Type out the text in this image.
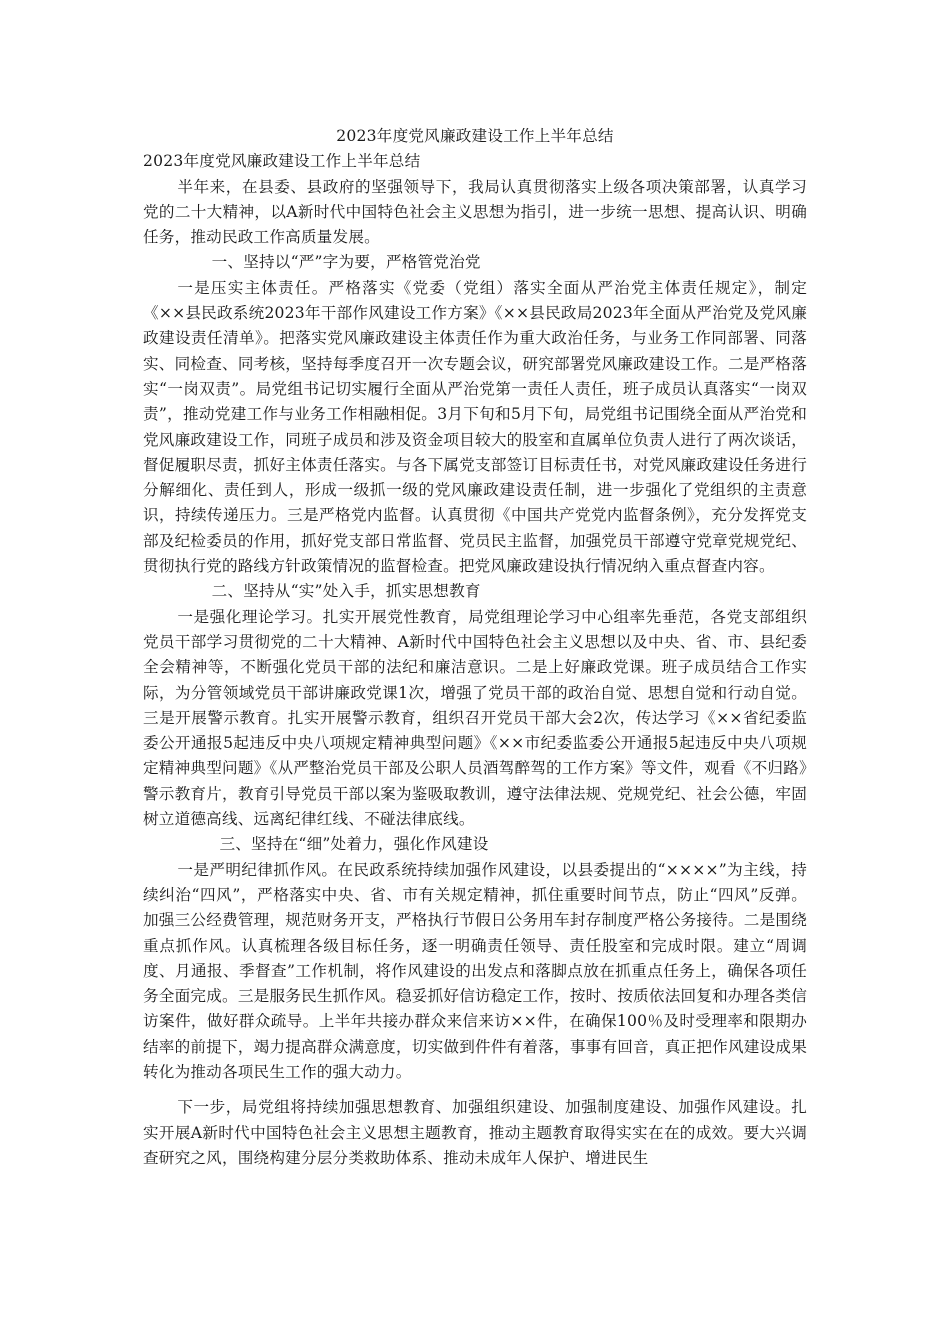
2023年度党风廉政建设工作上半年总结

2023年度党风廉政建设工作上半年总结

半年来，在县委、县政府的坚强领导下，我局认真贯彻落实上级各项决策部署，认真学习党的二十大精神，以A新时代中国特色社会主义思想为指引，进一步统一思想、提高认识、明确任务，推动民政工作高质量发展。

一、坚持以“严”字为要，严格管党治党

一是压实主体责任。严格落实《党委（党组）落实全面从严治党主体责任规定》，制定《××县民政系统2023年干部作风建设工作方案》《××县民政局2023年全面从严治党及党风廉政建设责任清单》。把落实党风廉政建设主体责任作为重大政治任务，与业务工作同部署、同落实、同检查、同考核，坚持每季度召开一次专题会议，研究部署党风廉政建设工作。二是严格落实“一岗双责”。局党组书记切实履行全面从严治党第一责任人责任，班子成员认真落实“一岗双责”，推动党建工作与业务工作相融相促。3月下旬和5月下旬，局党组书记围绕全面从严治党和党风廉政建设工作，同班子成员和涉及资金项目较大的股室和直属单位负责人进行了两次谈话，督促履职尽责，抓好主体责任落实。与各下属党支部签订目标责任书，对党风廉政建设任务进行分解细化、责任到人，形成一级抓一级的党风廉政建设责任制，进一步强化了党组织的主责意识，持续传递压力。三是严格党内监督。认真贯彻《中国共产党党内监督条例》，充分发挥党支部及纪检委员的作用，抓好党支部日常监督、党员民主监督，加强党员干部遵守党章党规党纪、贯彻执行党的路线方针政策情况的监督检查。把党风廉政建设执行情况纳入重点督查内容。

二、坚持从“实”处入手，抓实思想教育

一是强化理论学习。扎实开展党性教育，局党组理论学习中心组率先垂范，各党支部组织党员干部学习贯彻党的二十大精神、A新时代中国特色社会主义思想以及中央、省、市、县纪委全会精神等，不断强化党员干部的法纪和廉洁意识。二是上好廉政党课。班子成员结合工作实际，为分管领域党员干部讲廉政党课1次，增强了党员干部的政治自觉、思想自觉和行动自觉。三是开展警示教育。扎实开展警示教育，组织召开党员干部大会2次，传达学习《××省纪委监委公开通报5起违反中央八项规定精神典型问题》《××市纪委监委公开通报5起违反中央八项规定精神典型问题》《从严整治党员干部及公职人员酒驾醉驾的工作方案》等文件，观看《不归路》警示教育片，教育引导党员干部以案为鉴吸取教训，遵守法律法规、党规党纪、社会公德，牢固树立道德高线、远离纪律红线、不碰法律底线。

三、坚持在“细”处着力，强化作风建设

一是严明纪律抓作风。在民政系统持续加强作风建设，以县委提出的“××××”为主线，持续纠治“四风”，严格落实中央、省、市有关规定精神，抓住重要时间节点，防止“四风”反弹。加强三公经费管理，规范财务开支，严格执行节假日公务用车封存制度严格公务接待。二是围绕重点抓作风。认真梳理各级目标任务，逐一明确责任领导、责任股室和完成时限。建立“周调度、月通报、季督查”工作机制，将作风建设的出发点和落脚点放在抓重点任务上，确保各项任务全面完成。三是服务民生抓作风。稳妥抓好信访稳定工作，按时、按质依法回复和办理各类信访案件，做好群众疏导。上半年共接办群众来信来访××件，在确保100％及时受理率和限期办结率的前提下，竭力提高群众满意度，切实做到件件有着落，事事有回音，真正把作风建设成果转化为推动各项民生工作的强大动力。

下一步，局党组将持续加强思想教育、加强组织建设、加强制度建设、加强作风建设。扎实开展A新时代中国特色社会主义思想主题教育，推动主题教育取得实实在在的成效。要大兴调查研究之风，围绕构建分层分类救助体系、推动未成年人保护、增进民生
